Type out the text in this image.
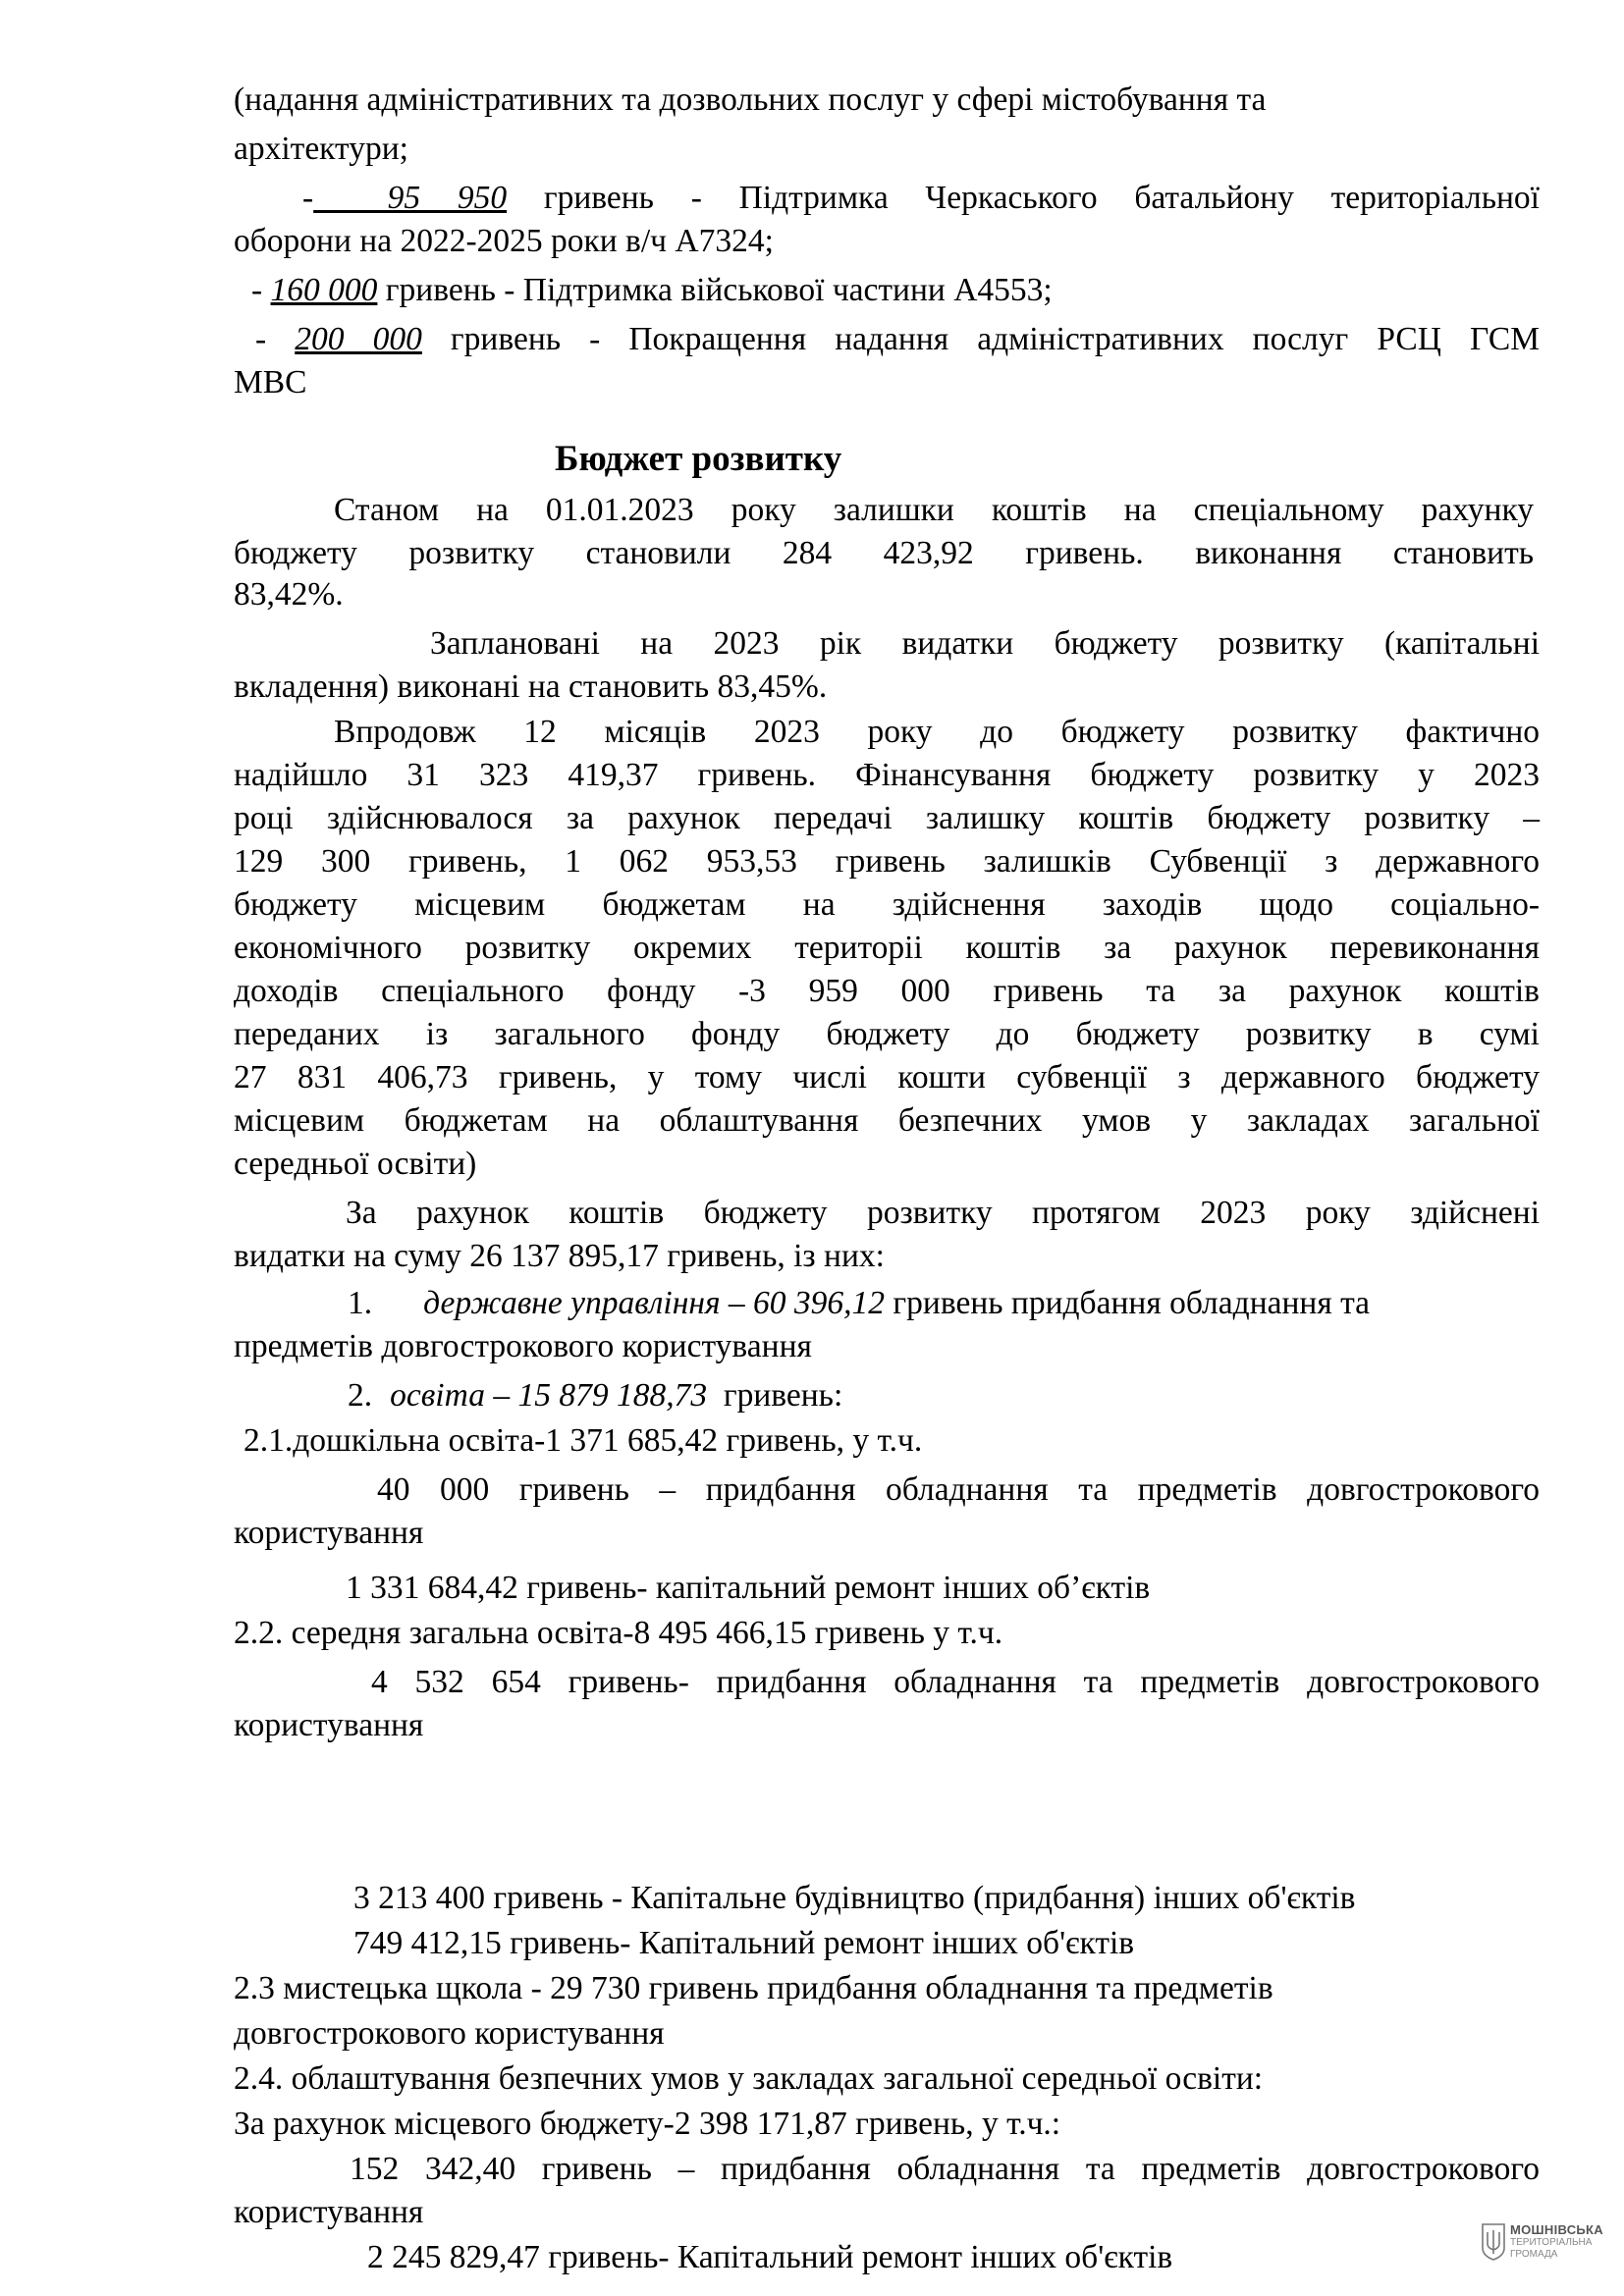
(надання адміністративних та дозвольних послуг у сфері містобування та
архітектури;
-  95 950 гривень - Підтримка Черкаського батальйону територіальної
оборони на 2022-2025 роки в/ч А7324;
- 160 000 гривень - Підтримка військової частини А4553;
- 200 000 гривень - Покращення надання адміністративних послуг РСЦ ГСМ
МВС
Бюджет розвитку
Станом на 01.01.2023 року залишки коштів на спеціальному рахунку
бюджету розвитку становили 284 423,92 гривень. виконання становить
83,42%.
Заплановані на 2023 рік видатки бюджету розвитку (капітальні
вкладення) виконані на становить 83,45%.
Впродовж 12 місяців 2023 року до бюджету розвитку фактично
надійшло 31 323 419,37 гривень. Фінансування бюджету розвитку у 2023
році здійснювалося за рахунок передачі залишку коштів бюджету розвитку –
129 300 гривень, 1 062 953,53 гривень залишків Субвенції з державного
бюджету місцевим бюджетам на здійснення заходів щодо соціально-
економічного розвитку окремих територіі коштів за рахунок перевиконання
доходів спеціального фонду -3 959 000 гривень та за рахунок коштів
переданих із загального фонду бюджету до бюджету розвитку в сумі
27 831 406,73 гривень, у тому числі кошти субвенції з державного бюджету
місцевим бюджетам на облаштування безпечних умов у закладах загальної
середньої освіти)
За рахунок коштів бюджету розвитку протягом 2023 року здійснені
видатки на суму 26 137 895,17 гривень, із них:
1. державне управління – 60 396,12 гривень придбання обладнання та
предметів довгострокового користування
2. освіта – 15 879 188,73  гривень:
2.1.дошкільна освіта-1 371 685,42 гривень, у т.ч.
40 000 гривень – придбання обладнання та предметів довгострокового
користування
1 331 684,42 гривень- капітальний ремонт інших об’єктів
2.2. середня загальна освіта-8 495 466,15 гривень у т.ч.
4 532 654 гривень- придбання обладнання та предметів довгострокового
користування
3 213 400 гривень - Капітальне будівництво (придбання) інших об'єктів
749 412,15 гривень- Капітальний ремонт інших об'єктів
2.3 мистецька щкола - 29 730 гривень придбання обладнання та предметів
довгострокового користування
2.4. облаштування безпечних умов у закладах загальної середньої освіти:
За рахунок місцевого бюджету-2 398 171,87 гривень, у т.ч.:
152 342,40 гривень – придбання обладнання та предметів довгострокового
користування
2 245 829,47 гривень- Капітальний ремонт інших об'єктів
МОШНІВСЬКА
ТЕРИТОРІАЛЬНА
ГРОМАДА
